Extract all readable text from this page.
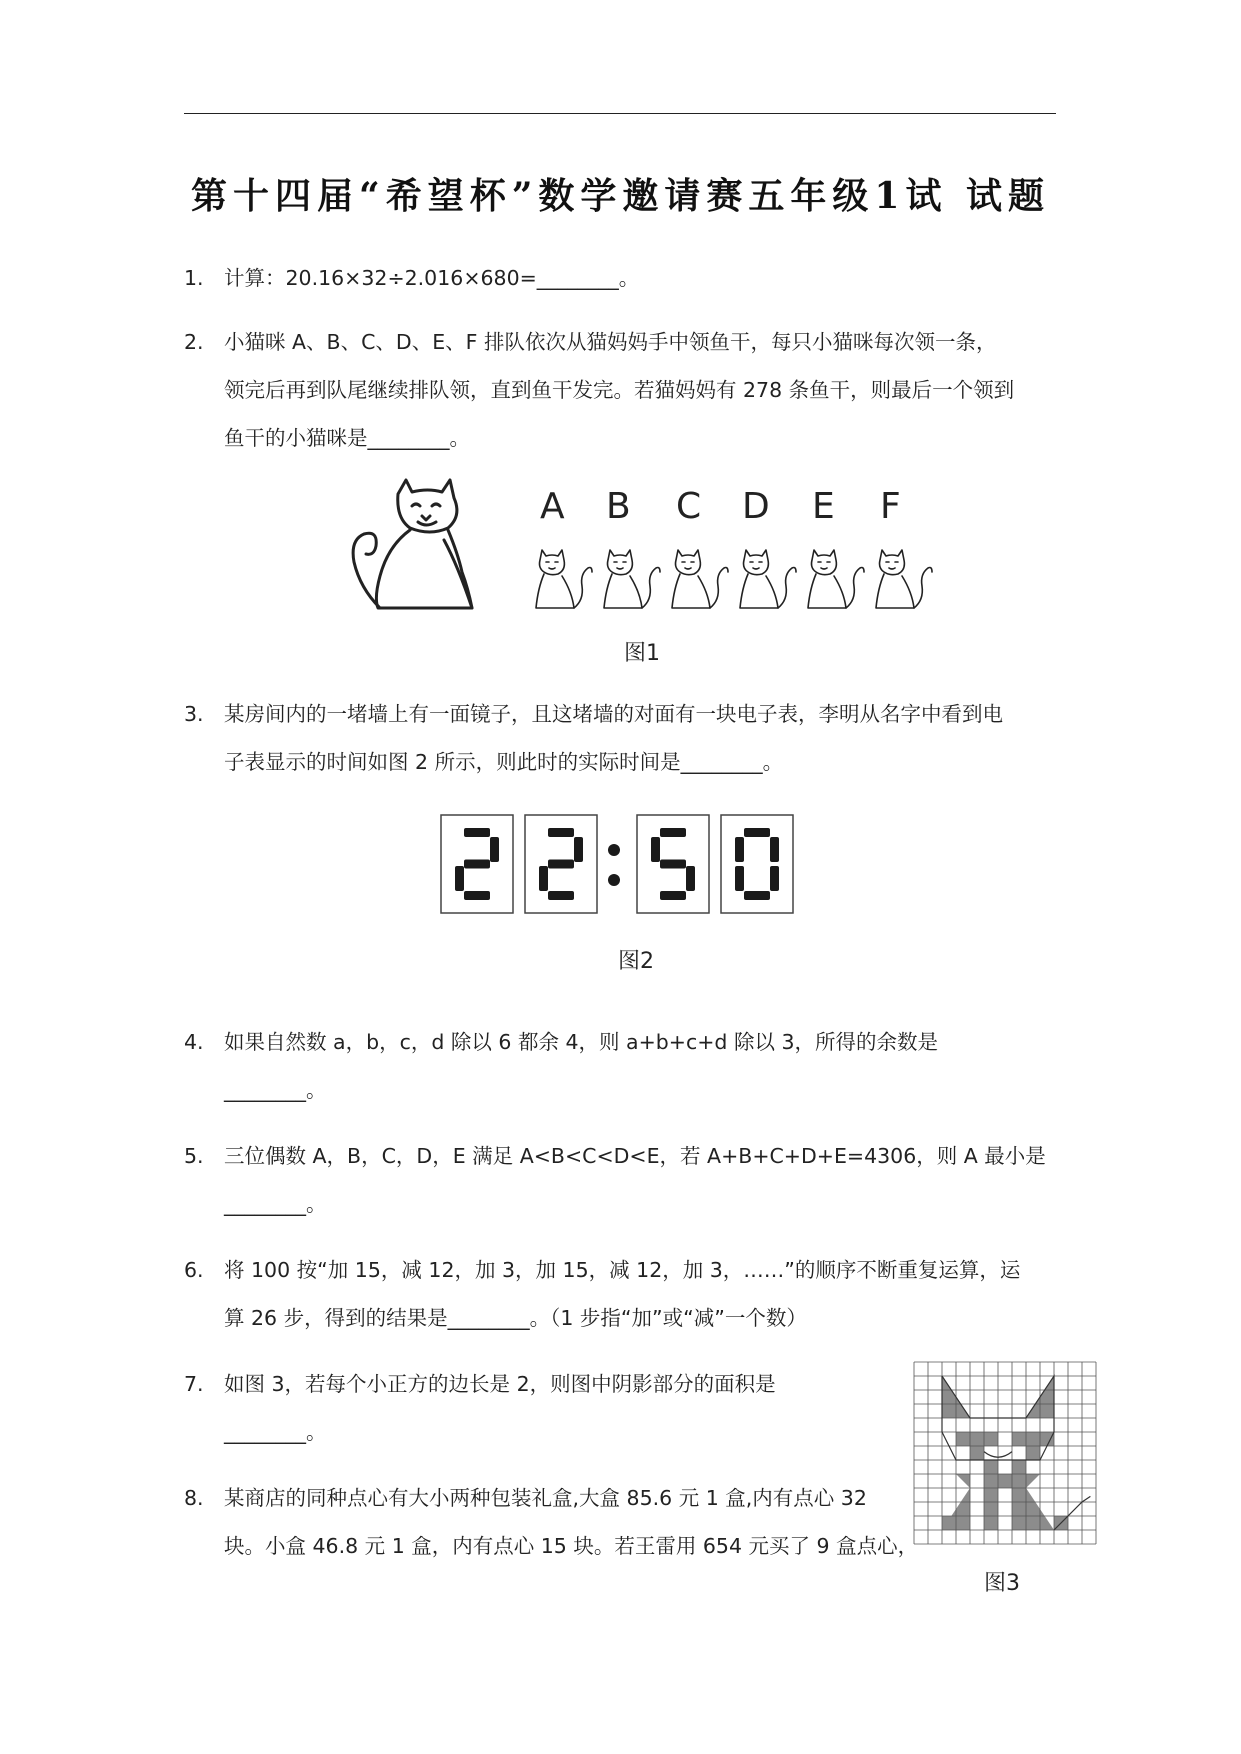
第十四届“希望杯”数学邀请赛五年级1试 试题
1. 计算：20.16×32÷2.016×680=________。
2. 小猫咪 A、B、C、D、E、F 排队依次从猫妈妈手中领鱼干，每只小猫咪每次领一条，
领完后再到队尾继续排队领，直到鱼干发完。若猫妈妈有 278 条鱼干，则最后一个领到
鱼干的小猫咪是________。
A B C D E F
图1
3. 某房间内的一堵墙上有一面镜子，且这堵墙的对面有一块电子表，李明从名字中看到电
子表显示的时间如图 2 所示，则此时的实际时间是________。
图2
4. 如果自然数 a，b，c，d 除以 6 都余 4，则 a+b+c+d 除以 3，所得的余数是
________。
5. 三位偶数 A，B，C，D，E 满足 A<B<C<D<E，若 A+B+C+D+E=4306，则 A 最小是
________。
6. 将 100 按“加 15，减 12，加 3，加 15，减 12，加 3，……”的顺序不断重复运算，运
算 26 步，得到的结果是________。（1 步指“加”或“减”一个数）
7. 如图 3，若每个小正方的边长是 2，则图中阴影部分的面积是
________。
8. 某商店的同种点心有大小两种包装礼盒,大盒 85.6 元 1 盒,内有点心 32
块。小盒 46.8 元 1 盒，内有点心 15 块。若王雷用 654 元买了 9 盒点心，
图3
